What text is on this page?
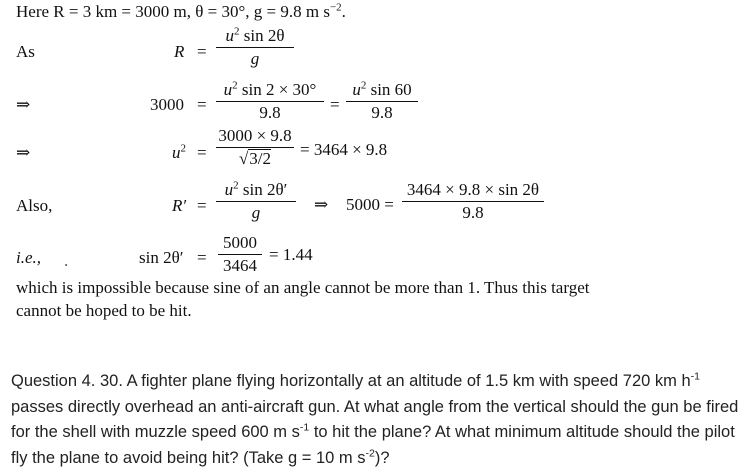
Here R = 3 km = 3000 m, θ = 30°, g = 9.8 m $s^{-2}$.
As	R =
$u^2$ sin 2θ
g
⇒	3000 =
$u^2$ sin 2 × 30°
9.8	=
$u^2$ sin 60
9.8
⇒	$u^2$ =
3000 × 9.8
√3/2 = 3464 × 9.8
Also,	R′ =
$u^2$ sin 2θ′
g	⇒ 5000 =
3464 × 9.8 × sin 2θ
9.8
i.e., .	sin 2θ′ =
5000
3464
= 1.44
which is impossible because sine of an angle cannot be more than 1. Thus this target
cannot be hoped to be hit.
Question 4. 30. A fighter plane flying horizontally at an altitude of 1.5 km with speed 720 km $h^{-1}$ passes directly overhead an anti-aircraft gun. At what angle from the vertical should the gun be fired for the shell with muzzle speed 600 m $s^{-1}$ to hit the plane? At what minimum altitude should the pilot fly the plane to avoid being hit? (Take g = 10 m $s^{-2}$)?
